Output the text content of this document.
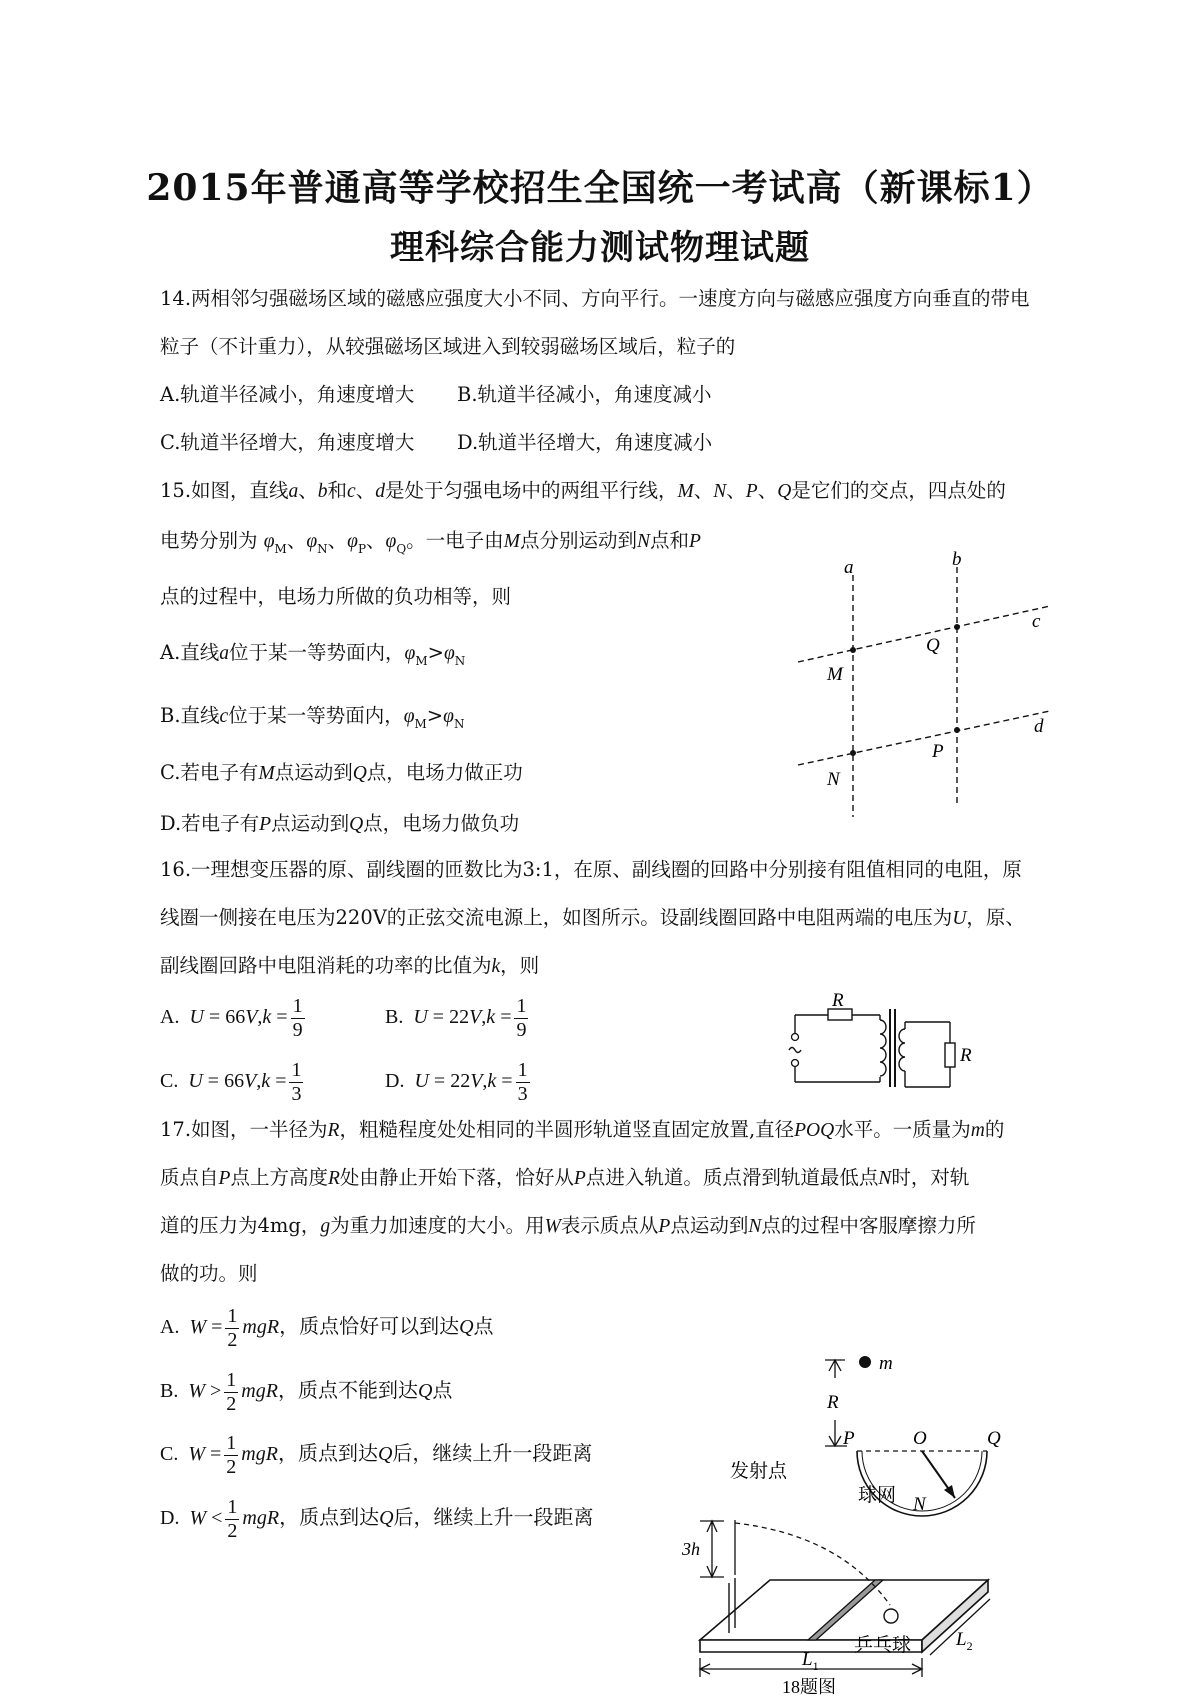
2015年普通高等学校招生全国统一考试高（新课标1）
理科综合能力测试物理试题
14.两相邻匀强磁场区域的磁感应强度大小不同、方向平行。一速度方向与磁感应强度方向垂直的带电
粒子（不计重力），从较强磁场区域进入到较弱磁场区域后，粒子的
A.轨道半径减小，角速度增大 B.轨道半径减小，角速度减小
C.轨道半径增大，角速度增大 D.轨道半径增大，角速度减小
15.如图，直线a、b和c、d是处于匀强电场中的两组平行线，M、N、P、Q是它们的交点，四点处的
电势分别为 $\varphi_M$、$\varphi_N$、$\varphi_P$、$\varphi_Q$。一电子由M点分别运动到N点和P
点的过程中，电场力所做的负功相等，则
A.直线a位于某一等势面内，$\varphi_M>\varphi_N$
B.直线c位于某一等势面内，$\varphi_M>\varphi_N$
C.若电子有M点运动到Q点，电场力做正功
D.若电子有P点运动到Q点，电场力做负功
a	b
c
d
M
Q
N
P
16.一理想变压器的原、副线圈的匝数比为3:1，在原、副线圈的回路中分别接有阻值相同的电阻，原
线圈一侧接在电压为220V的正弦交流电源上，如图所示。设副线圈回路中电阻两端的电压为U，原、
副线圈回路中电阻消耗的功率的比值为k，则
A. $U = 66V,k = \frac{1}{9}$	B. $U = 22V,k = \frac{1}{9}$
C. $U = 66V,k = \frac{1}{3}$	D. $U = 22V,k = \frac{1}{3}$
R
R
17.如图，一半径为R，粗糙程度处处相同的半圆形轨道竖直固定放置,直径POQ水平。一质量为m的
质点自P点上方高度R处由静止开始下落，恰好从P点进入轨道。质点滑到轨道最低点N时，对轨
道的压力为4mg，g为重力加速度的大小。用W表示质点从P点运动到N点的过程中客服摩擦力所
做的功。则
A. $W = \frac{1}{2}$ mgR，质点恰好可以到达Q点
B. $W > \frac{1}{2}$ mgR，质点不能到达Q点
C. $W = \frac{1}{2}$ mgR，质点到达Q后，继续上升一段距离
D. $W < \frac{1}{2}$ mgR，质点到达Q后，继续上升一段距离
m
R
P	O	Q
N
发射点
球网
乒乓球
3h
$L_1$
$L_2$
18题图
